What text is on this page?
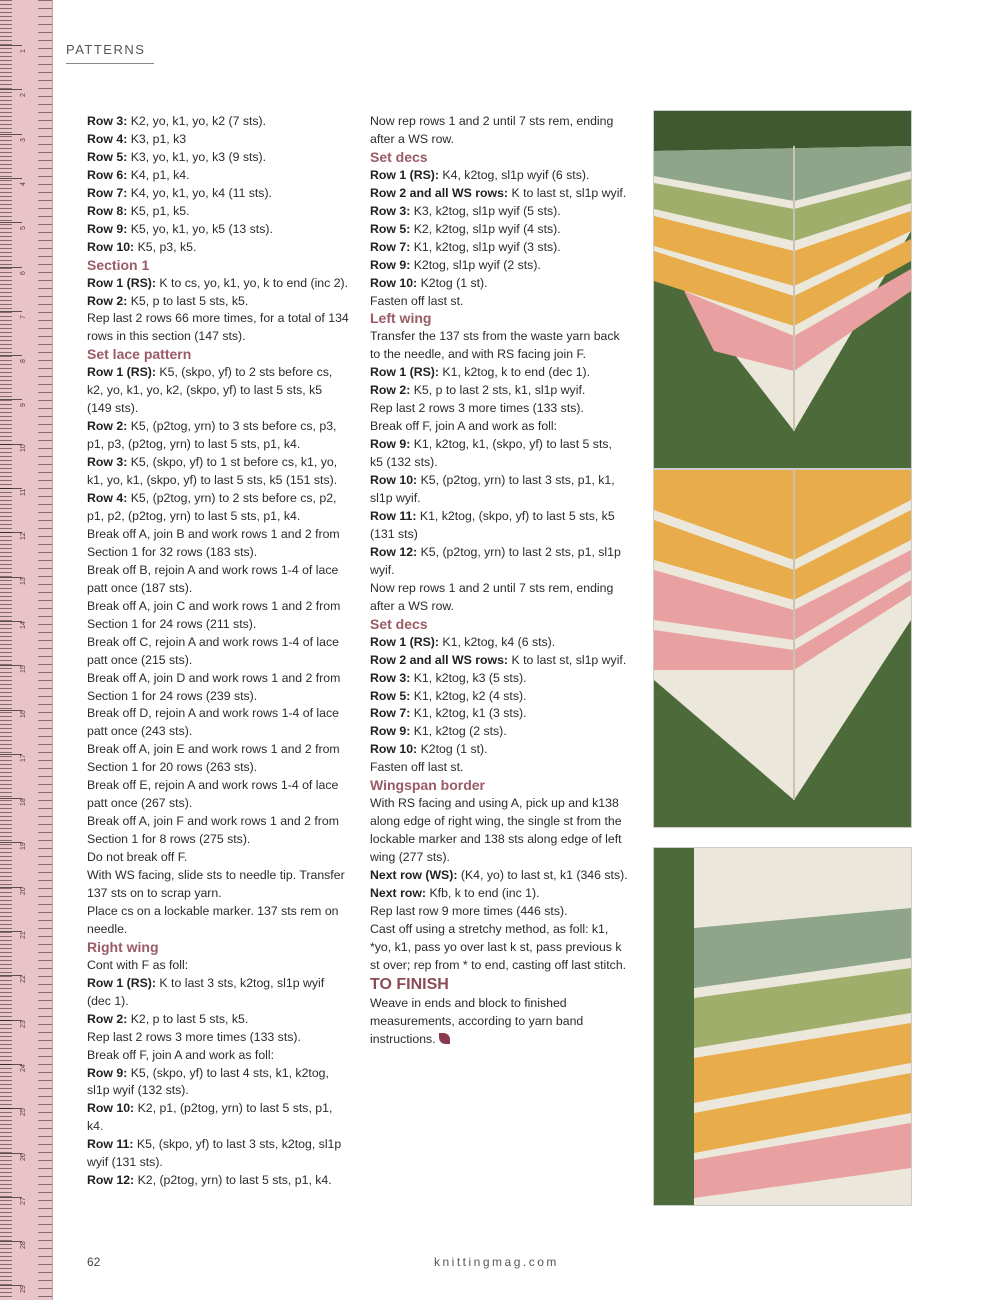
1
2
3
4
5
6
7
8
9
10
11
12
13
14
15
16
17
18
19
20
21
22
23
24
25
26
27
28
29
PATTERNS

Row 3: K2, yo, k1, yo, k2 (7 sts).

Row 4: K3, p1, k3

Row 5: K3, yo, k1, yo, k3 (9 sts).

Row 6: K4, p1, k4.

Row 7: K4, yo, k1, yo, k4 (11 sts).

Row 8: K5, p1, k5.

Row 9: K5, yo, k1, yo, k5 (13 sts).

Row 10: K5, p3, k5.

Section 1

Row 1 (RS): K to cs, yo, k1, yo, k to end (inc 2).

Row 2: K5, p to last 5 sts, k5.

Rep last 2 rows 66 more times, for a total of 134 rows in this section (147 sts).

Set lace pattern

Row 1 (RS): K5, (skpo, yf) to 2 sts before cs, k2, yo, k1, yo, k2, (skpo, yf) to last 5 sts, k5 (149 sts).

Row 2: K5, (p2tog, yrn) to 3 sts before cs, p3, p1, p3, (p2tog, yrn) to last 5 sts, p1, k4.

Row 3: K5, (skpo, yf) to 1 st before cs, k1, yo, k1, yo, k1, (skpo, yf) to last 5 sts, k5 (151 sts).

Row 4: K5, (p2tog, yrn) to 2 sts before cs, p2, p1, p2, (p2tog, yrn) to last 5 sts, p1, k4.

Break off A, join B and work rows 1 and 2 from Section 1 for 32 rows (183 sts).

Break off B, rejoin A and work rows 1-4 of lace patt once (187 sts).

Break off A, join C and work rows 1 and 2 from Section 1 for 24 rows (211 sts).

Break off C, rejoin A and work rows 1-4 of lace patt once (215 sts).

Break off A, join D and work rows 1 and 2 from Section 1 for 24 rows (239 sts).

Break off D, rejoin A and work rows 1-4 of lace patt once (243 sts).

Break off A, join E and work rows 1 and 2 from Section 1 for 20 rows (263 sts).

Break off E, rejoin A and work rows 1-4 of lace patt once (267 sts).

Break off A, join F and work rows 1 and 2 from Section 1 for 8 rows (275 sts).

Do not break off F.

With WS facing, slide sts to needle tip. Transfer 137 sts on to scrap yarn.

Place cs on a lockable marker. 137 sts rem on needle.

Right wing

Cont with F as foll:

Row 1 (RS): K to last 3 sts, k2tog, sl1p wyif (dec 1).

Row 2: K2, p to last 5 sts, k5.

Rep last 2 rows 3 more times (133 sts).

Break off F, join A and work as foll:

Row 9: K5, (skpo, yf) to last 4 sts, k1, k2tog, sl1p wyif (132 sts).

Row 10: K2, p1, (p2tog, yrn) to last 5 sts, p1, k4.

Row 11: K5, (skpo, yf) to last 3 sts, k2tog, sl1p wyif (131 sts).

Row 12: K2, (p2tog, yrn) to last 5 sts, p1, k4.

Now rep rows 1 and 2 until 7 sts rem, ending after a WS row.

Set decs

Row 1 (RS): K4, k2tog, sl1p wyif (6 sts).

Row 2 and all WS rows: K to last st, sl1p wyif.

Row 3: K3, k2tog, sl1p wyif (5 sts).

Row 5: K2, k2tog, sl1p wyif (4 sts).

Row 7: K1, k2tog, sl1p wyif (3 sts).

Row 9: K2tog, sl1p wyif (2 sts).

Row 10: K2tog (1 st).

Fasten off last st.

Left wing

Transfer the 137 sts from the waste yarn back to the needle, and with RS facing join F.

Row 1 (RS): K1, k2tog, k to end (dec 1).

Row 2: K5, p to last 2 sts, k1, sl1p wyif.

Rep last 2 rows 3 more times (133 sts).

Break off F, join A and work as foll:

Row 9: K1, k2tog, k1, (skpo, yf) to last 5 sts, k5 (132 sts).

Row 10: K5, (p2tog, yrn) to last 3 sts, p1, k1, sl1p wyif.

Row 11: K1, k2tog, (skpo, yf) to last 5 sts, k5 (131 sts)

Row 12: K5, (p2tog, yrn) to last 2 sts, p1, sl1p wyif.

Now rep rows 1 and 2 until 7 sts rem, ending after a WS row.

Set decs

Row 1 (RS): K1, k2tog, k4 (6 sts).

Row 2 and all WS rows: K to last st, sl1p wyif.

Row 3: K1, k2tog, k3 (5 sts).

Row 5: K1, k2tog, k2 (4 sts).

Row 7: K1, k2tog, k1 (3 sts).

Row 9: K1, k2tog (2 sts).

Row 10: K2tog (1 st).

Fasten off last st.

Wingspan border

With RS facing and using A, pick up and k138 along edge of right wing, the single st from the lockable marker and 138 sts along edge of left wing (277 sts).

Next row (WS): (K4, yo) to last st, k1 (346 sts).

Next row: Kfb, k to end (inc 1).

Rep last row 9 more times (446 sts).

Cast off using a stretchy method, as foll: k1, *yo, k1, pass yo over last k st, pass previous k st over; rep from * to end, casting off last stitch.

TO FINISH

Weave in ends and block to finished measurements, according to yarn band instructions.

62	knittingmag.com
